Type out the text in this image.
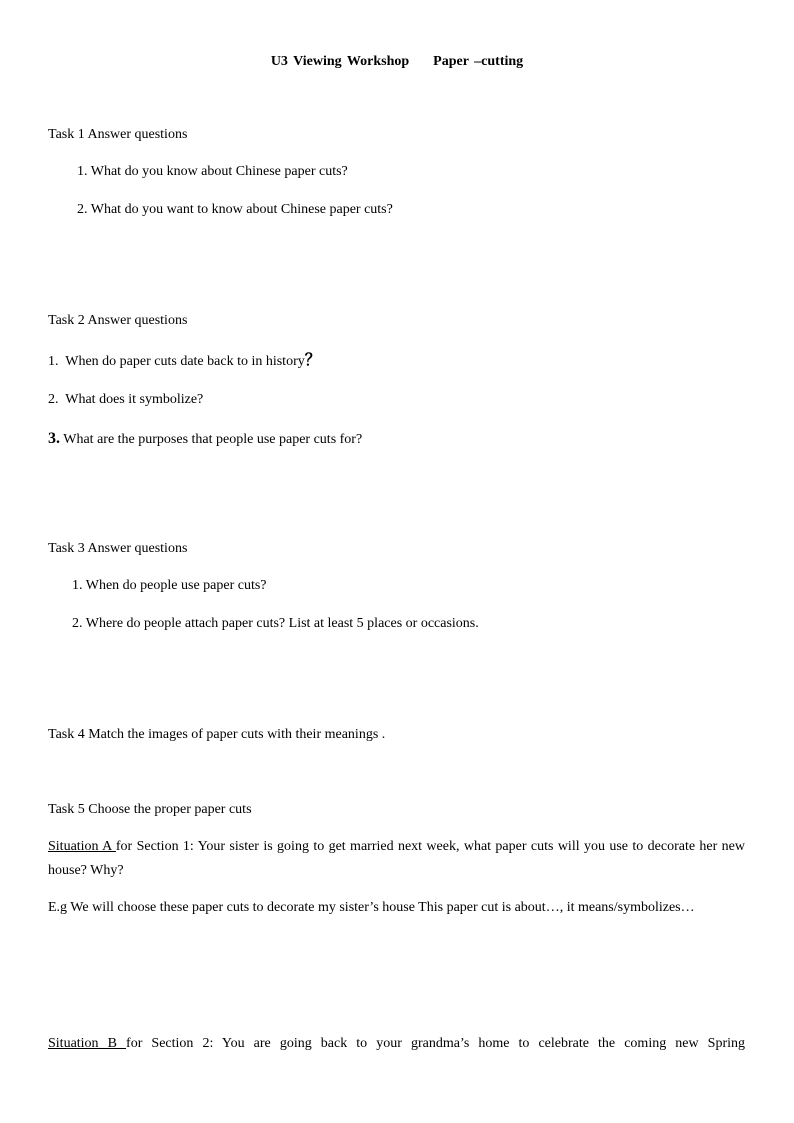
U3 Viewing Workshop Paper –cutting
Task 1 Answer questions
1. What do you know about Chinese paper cuts?
2. What do you want to know about Chinese paper cuts?
Task 2 Answer questions
1. When do paper cuts date back to in history？
2. What does it symbolize?
3. What are the purposes that people use paper cuts for?
Task 3 Answer questions
1. When do people use paper cuts?
2. Where do people attach paper cuts? List at least 5 places or occasions.
Task 4 Match the images of paper cuts with their meanings .
Task 5 Choose the proper paper cuts
Situation A for Section 1: Your sister is going to get married next week, what paper cuts will you use to decorate her new house? Why?
E.g We will choose these paper cuts to decorate my sister’s house This paper cut is about…, it means/symbolizes…
Situation B for Section 2: You are going back to your grandma’s home to celebrate the coming new Spring
